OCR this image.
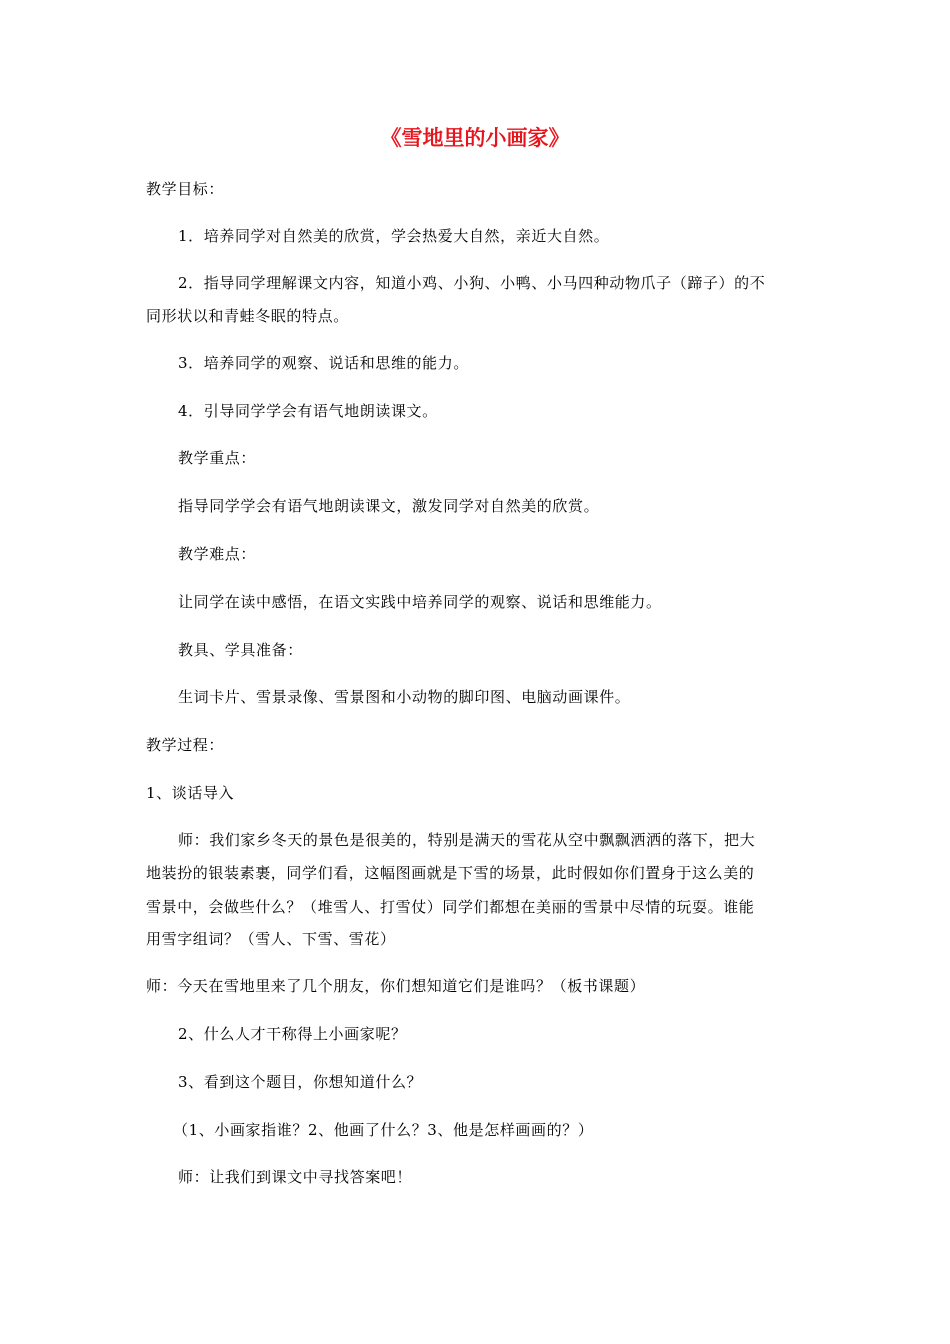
《雪地里的小画家》
教学目标：
1．培养同学对自然美的欣赏，学会热爱大自然，亲近大自然。
2．指导同学理解课文内容，知道小鸡、小狗、小鸭、小马四种动物爪子（蹄子）的不
同形状以和青蛙冬眠的特点。
3．培养同学的观察、说话和思维的能力。
4．引导同学学会有语气地朗读课文。
教学重点：
指导同学学会有语气地朗读课文，激发同学对自然美的欣赏。
教学难点：
让同学在读中感悟，在语文实践中培养同学的观察、说话和思维能力。
教具、学具准备：
生词卡片、雪景录像、雪景图和小动物的脚印图、电脑动画课件。
教学过程：
1、谈话导入
师：我们家乡冬天的景色是很美的，特别是满天的雪花从空中飘飘洒洒的落下，把大
地装扮的银装素裹，同学们看，这幅图画就是下雪的场景，此时假如你们置身于这么美的
雪景中，会做些什么？（堆雪人、打雪仗）同学们都想在美丽的雪景中尽情的玩耍。谁能
用雪字组词？（雪人、下雪、雪花）
师：今天在雪地里来了几个朋友，你们想知道它们是谁吗？（板书课题）
2、什么人才干称得上小画家呢？
3、看到这个题目，你想知道什么？
（1、小画家指谁？2、他画了什么？3、他是怎样画画的？）
师：让我们到课文中寻找答案吧！
